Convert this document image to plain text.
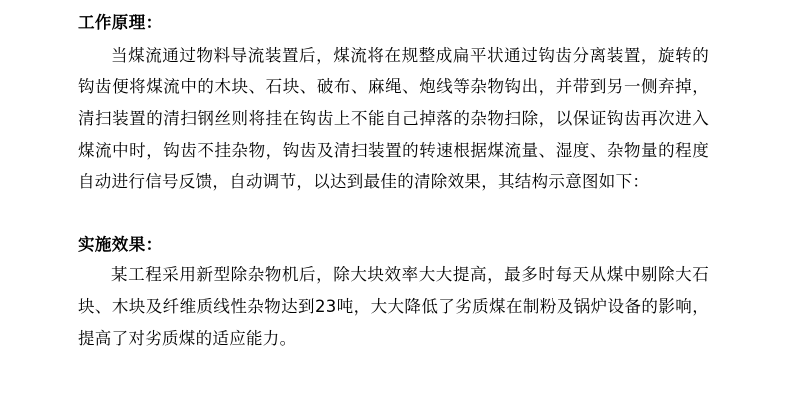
工作原理：

当煤流通过物料导流装置后，煤流将在规整成扁平状通过钩齿分离装置，旋转的钩齿便将煤流中的木块、石块、破布、麻绳、炮线等杂物钩出，并带到另一侧弃掉，清扫装置的清扫钢丝则将挂在钩齿上不能自己掉落的杂物扫除，以保证钩齿再次进入煤流中时，钩齿不挂杂物，钩齿及清扫装置的转速根据煤流量、湿度、杂物量的程度自动进行信号反馈，自动调节，以达到最佳的清除效果，其结构示意图如下：

实施效果：

某工程采用新型除杂物机后，除大块效率大大提高，最多时每天从煤中剔除大石块、木块及纤维质线性杂物达到23吨，大大降低了劣质煤在制粉及锅炉设备的影响，提高了对劣质煤的适应能力。
